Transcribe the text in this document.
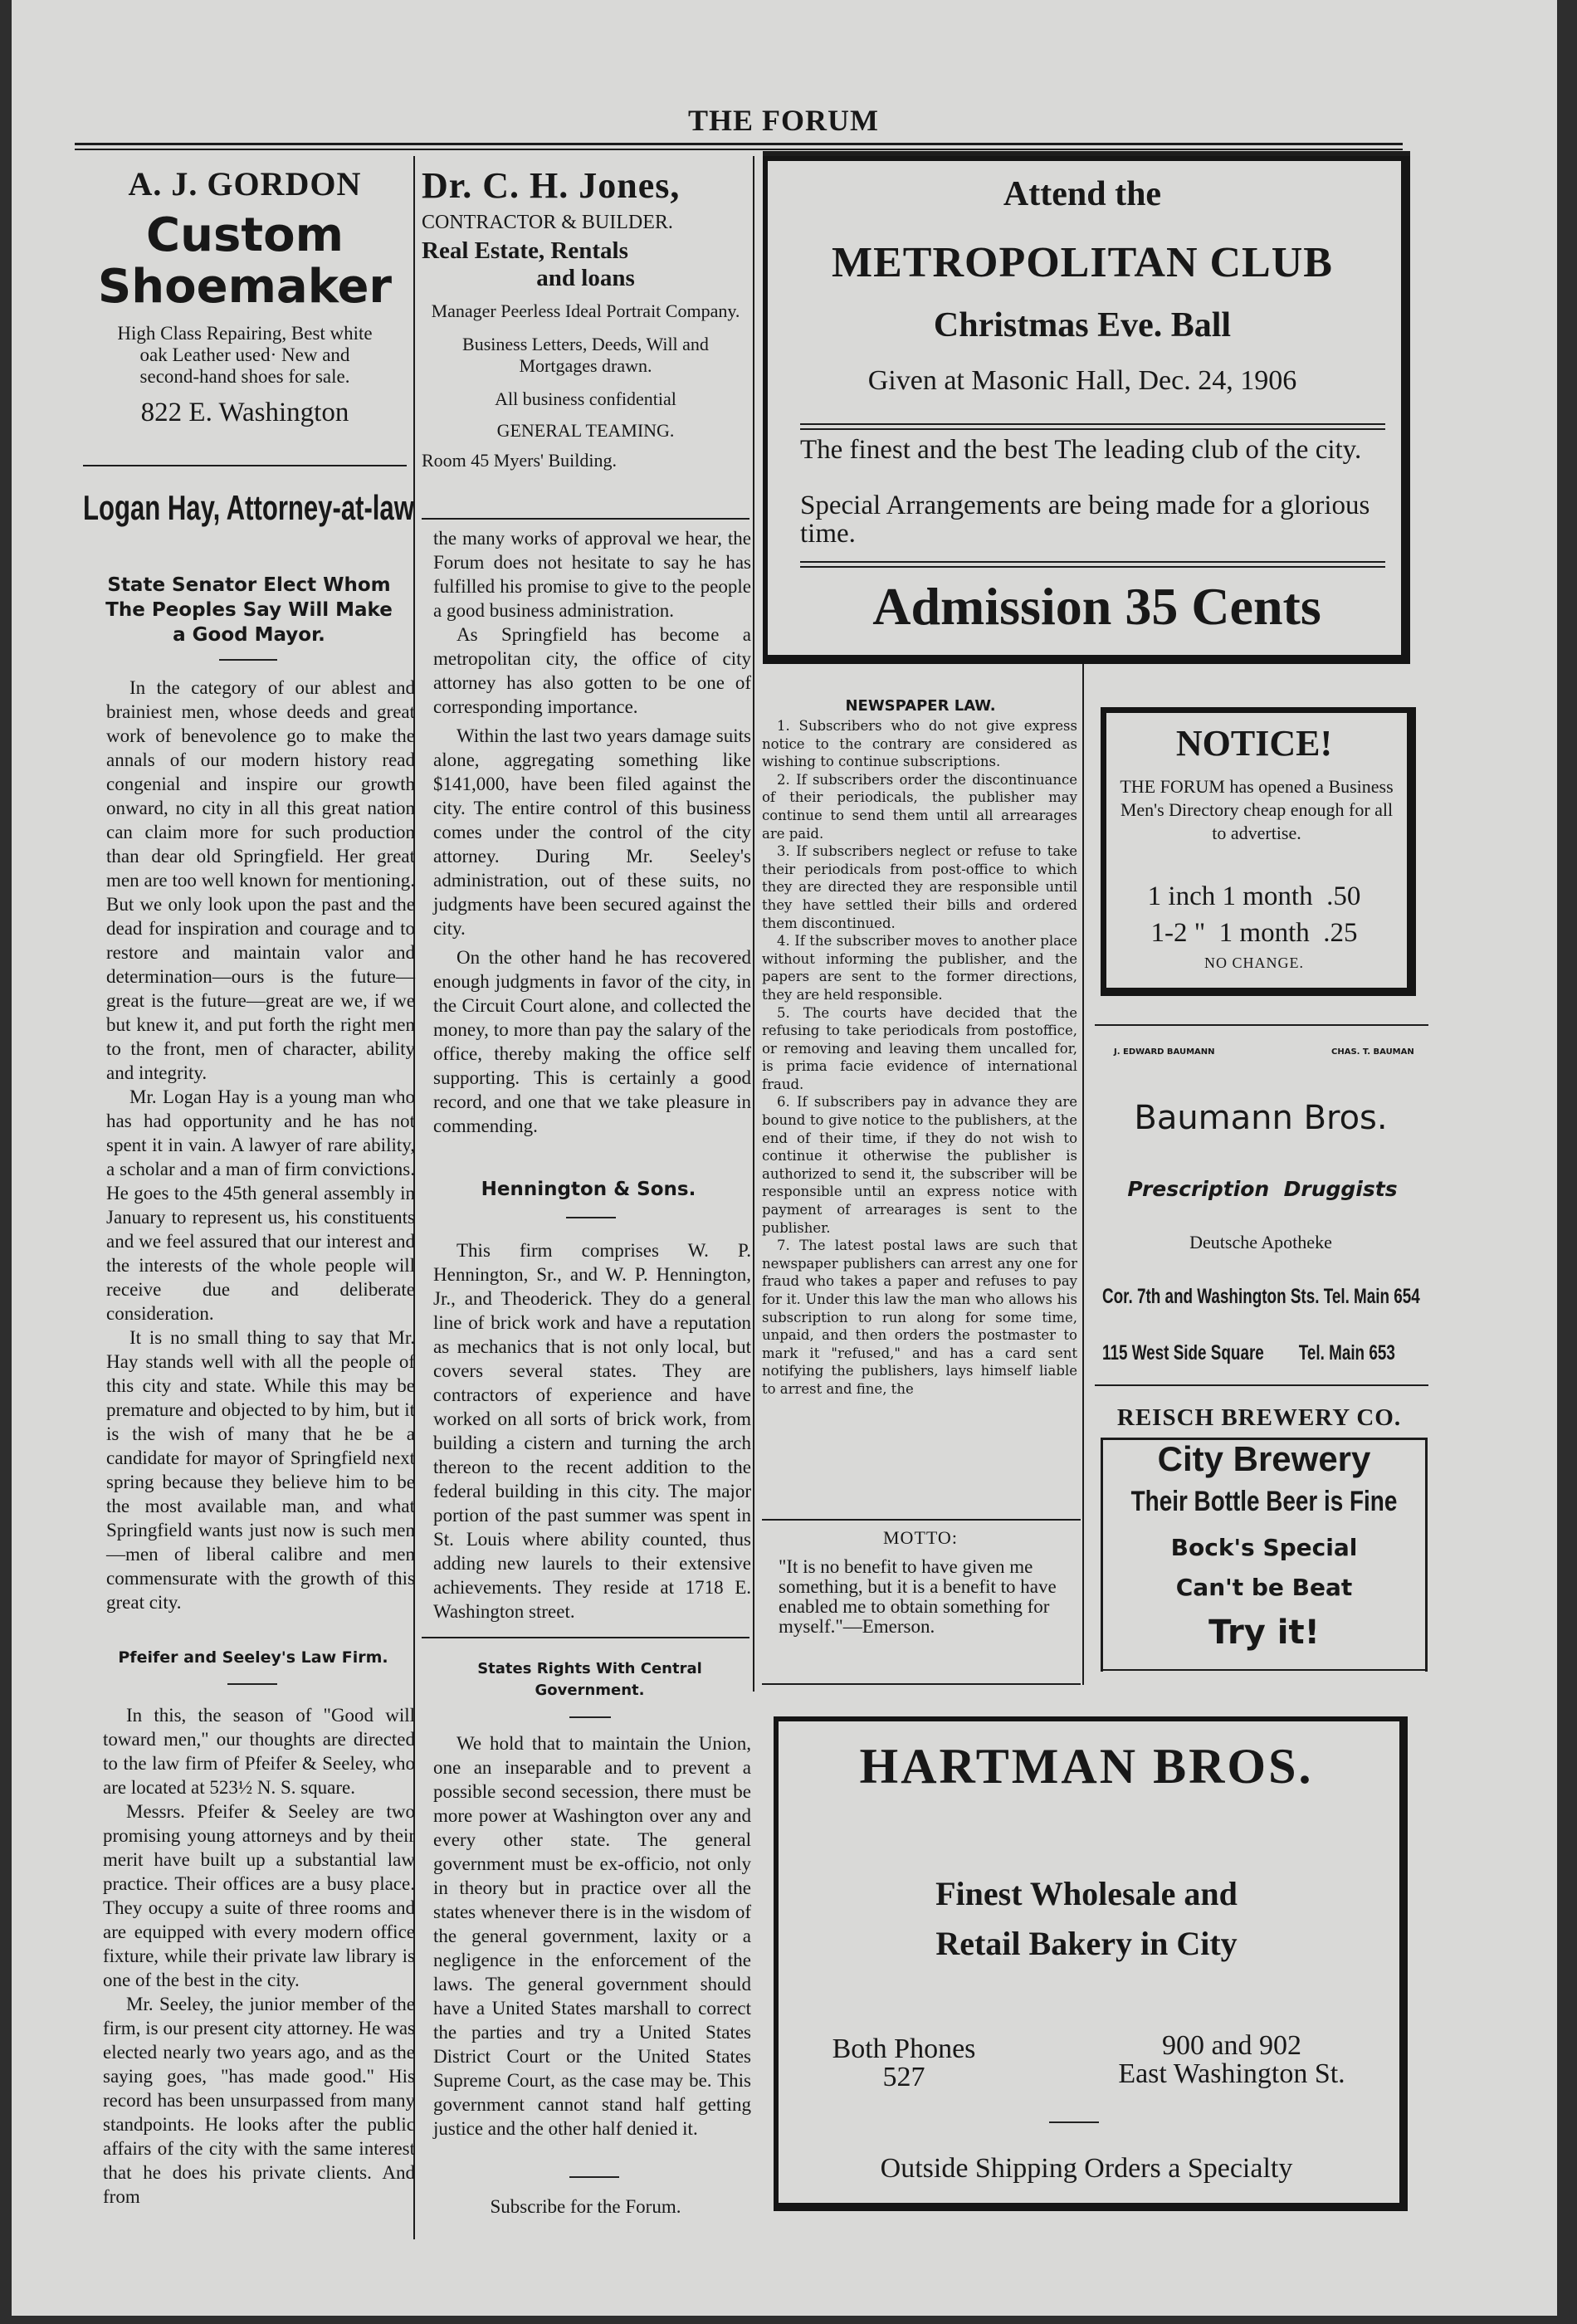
THE FORUM
A. J. GORDON
Custom
Shoemaker
High Class Repairing, Best white oak Leather used· New and second-hand shoes for sale.
822 E. Washington
Logan Hay, Attorney-at-law
State Senator Elect Whom The Peoples Say Will Make a Good Mayor.

In the category of our ablest and brainiest men, whose deeds and great work of benevolence go to make the annals of our modern history read congenial and inspire our growth onward, no city in all this great nation can claim more for such production than dear old Springfield. Her great men are too well known for mentioning. But we only look upon the past and the dead for inspiration and courage and to restore and maintain valor and determination—ours is the future—great is the future—great are we, if we but knew it, and put forth the right men to the front, men of character, ability and integrity.

Mr. Logan Hay is a young man who has had opportunity and he has not spent it in vain. A lawyer of rare ability, a scholar and a man of firm convictions. He goes to the 45th general assembly in January to represent us, his constituents and we feel assured that our interest and the interests of the whole people will receive due and deliberate consideration.

It is no small thing to say that Mr. Hay stands well with all the people of this city and state. While this may be premature and objected to by him, but it is the wish of many that he be a candidate for mayor of Springfield next spring because they believe him to be the most available man, and what Springfield wants just now is such men—men of liberal calibre and men commensurate with the growth of this great city.

Pfeifer and Seeley's Law Firm.

In this, the season of "Good will toward men," our thoughts are directed to the law firm of Pfeifer & Seeley, who are located at 523½ N. S. square.

Messrs. Pfeifer & Seeley are two promising young attorneys and by their merit have built up a substantial law practice. Their offices are a busy place. They occupy a suite of three rooms and are equipped with every modern office fixture, while their private law library is one of the best in the city.

Mr. Seeley, the junior member of the firm, is our present city attorney. He was elected nearly two years ago, and as the saying goes, "has made good." His record has been unsurpassed from many standpoints. He looks after the public affairs of the city with the same interest that he does his private clients. And from

Dr. C. H. Jones,
CONTRACTOR & BUILDER.
Real Estate, Rentals
and loans
Manager Peerless Ideal Portrait Company.
Business Letters, Deeds, Will and Mortgages drawn.
All business confidential
GENERAL TEAMING.
Room 45 Myers' Building.

the many works of approval we hear, the Forum does not hesitate to say he has fulfilled his promise to give to the people a good business administration.

As Springfield has become a metropolitan city, the office of city attorney has also gotten to be one of corresponding importance.

Within the last two years damage suits alone, aggregating something like $141,000, have been filed against the city. The entire control of this business comes under the control of the city attorney. During Mr. Seeley's administration, out of these suits, no judgments have been secured against the city.

On the other hand he has recovered enough judgments in favor of the city, in the Circuit Court alone, and collected the money, to more than pay the salary of the office, thereby making the office self supporting. This is certainly a good record, and one that we take pleasure in commending.

Hennington & Sons.

This firm comprises W. P. Hennington, Sr., and W. P. Hennington, Jr., and Theoderick. They do a general line of brick work and have a reputation as mechanics that is not only local, but covers several states. They are contractors of experience and have worked on all sorts of brick work, from building a cistern and turning the arch thereon to the recent addition to the federal building in this city. The major portion of the past summer was spent in St. Louis where ability counted, thus adding new laurels to their extensive achievements. They reside at 1718 E. Washington street.

States Rights With Central Government.

We hold that to maintain the Union, one an inseparable and to prevent a possible second secession, there must be more power at Washington over any and every other state. The general government must be ex-officio, not only in theory but in practice over all the states whenever there is in the wisdom of the general government, laxity or a negligence in the enforcement of the laws. The general government should have a United States marshall to correct the parties and try a United States District Court or the United States Supreme Court, as the case may be. This government cannot stand half getting justice and the other half denied it.

Subscribe for the Forum.
Attend the
METROPOLITAN CLUB
Christmas Eve. Ball
Given at Masonic Hall, Dec. 24, 1906
The finest and the best The leading club of the city.
Special Arrangements are being made for a glorious time.
Admission 35 Cents
NEWSPAPER LAW.

1. Subscribers who do not give express notice to the contrary are considered as wishing to continue subscriptions.

2. If subscribers order the discontinuance of their periodicals, the publisher may continue to send them until all arrearages are paid.

3. If subscribers neglect or refuse to take their periodicals from post-office to which they are directed they are responsible until they have settled their bills and ordered them discontinued.

4. If the subscriber moves to another place without informing the publisher, and the papers are sent to the former directions, they are held responsible.

5. The courts have decided that the refusing to take periodicals from postoffice, or removing and leaving them uncalled for, is prima facie evidence of international fraud.

6. If subscribers pay in advance they are bound to give notice to the publishers, at the end of their time, if they do not wish to continue it otherwise the publisher is authorized to send it, the subscriber will be responsible until an express notice with payment of arrearages is sent to the publisher.

7. The latest postal laws are such that newspaper publishers can arrest any one for fraud who takes a paper and refuses to pay for it. Under this law the man who allows his subscription to run along for some time, unpaid, and then orders the postmaster to mark it "refused," and has a card sent notifying the publishers, lays himself liable to arrest and fine, the

MOTTO:
"It is no benefit to have given me something, but it is a benefit to have enabled me to obtain something for myself."—Emerson.
NOTICE!
THE FORUM has opened a Business Men's Directory cheap enough for all to advertise.
1 inch 1 month  .50
1-2 "  1 month  .25
NO CHANGE.
J. EDWARD BAUMANN	CHAS. T. BAUMAN
Baumann Bros.
Prescription  Druggists
Deutsche Apotheke
Cor. 7th and Washington Sts. Tel. Main 654
115 West Side Square        Tel. Main 653
REISCH BREWERY CO.
City Brewery
Their Bottle Beer is Fine
Bock's Special
Can't be Beat
Try it!
HARTMAN BROS.
Finest Wholesale and
Retail Bakery in City
Both Phones
527
900 and 902
East Washington St.
Outside Shipping Orders a Specialty
